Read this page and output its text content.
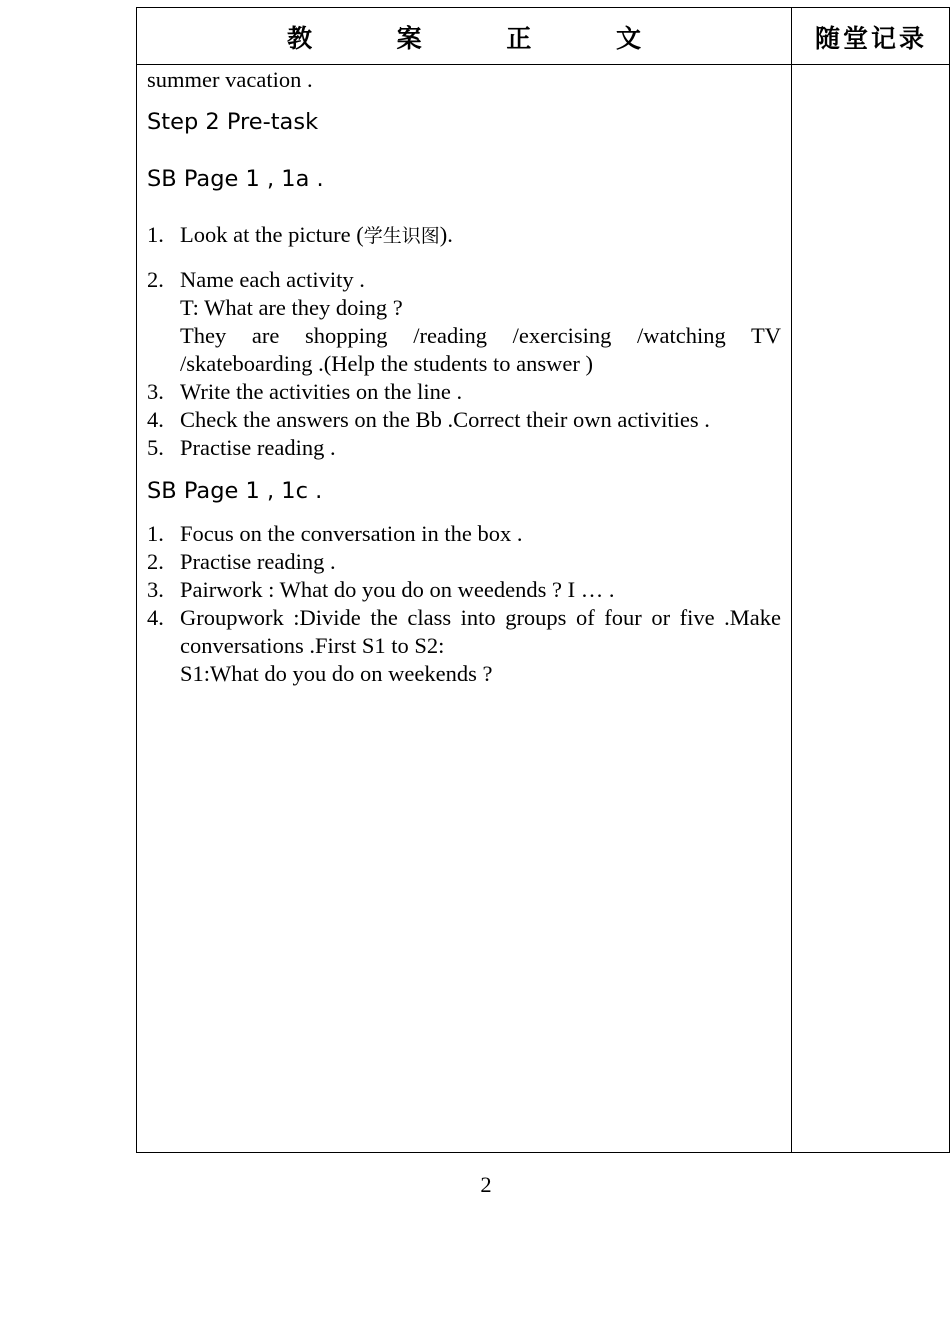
教 案 正 文	随堂记录
summer vacation .
Step 2 Pre-task
SB Page 1 , 1a .
1. Look at the picture (学生识图).
2. Name each activity .
T: What are they doing ?
They are shopping /reading /exercising /watching TV /skateboarding .(Help the students to answer )
3. Write the activities on the line .
4. Check the answers on the Bb .Correct their own activities .
5. Practise reading .
SB Page 1 , 1c .
1. Focus on the conversation in the box .
2. Practise reading .
3. Pairwork : What do you do on weedends ? I … .
4. Groupwork :Divide the class into groups of four or five .Make conversations .First S1 to S2:
S1:What do you do on weekends ?
2
